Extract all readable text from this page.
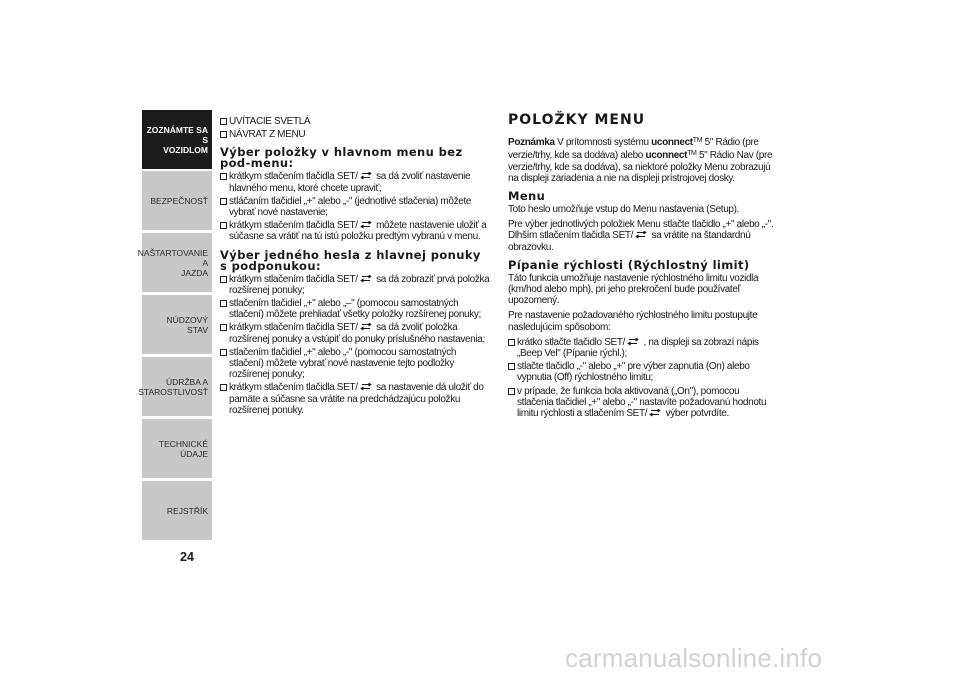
ZOZNÁMTE SA S
VOZIDLOM
BEZPEČNOSŤ
NAŠTARTOVANIE A
JAZDA
NÚDZOVÝ STAV
ÚDRŽBA A
STAROSTLIVOSŤ
TECHNICKÉ ÚDAJE
REJSTŘÍK
24
UVÍTACIE SVETLÁ
NÁVRAT Z MENU
Výber položky v hlavnom menu bez pod-menu:
krátkym stlačením tlačidla SET/
sa dá zvoliť nastavenie hlavného menu, ktoré chcete upraviť;
stláčaním tlačidiel „+" alebo „-" (jednotlivé stlačenia) môžete vybrať nové nastavenie;
krátkym stlačením tlačidla SET/
môžete nastavenie uložiť a súčasne sa vrátiť na tú istú položku predtým vybranú v menu.
Výber jedného hesla z hlavnej ponuky s podponukou:
krátkym stlačením tlačidla SET/
sa dá zobraziť prvá položka rozšírenej ponuky;
stlačením tlačidiel „+" alebo „–" (pomocou samostatných stlačení) môžete prehliadať všetky položky rozšírenej ponuky;
krátkym stlačením tlačidla SET/
sa dá zvoliť položka rozšírenej ponuky a vstúpiť do ponuky príslušného nastavenia;
stlačením tlačidiel „+" alebo „-" (pomocou samostatných stlačení) môžete vybrať nové nastavenie tejto podložky rozšírenej ponuky;
krátkym stlačením tlačidla SET/
sa nastavenie dá uložiť do pamäte a súčasne sa vrátite na predchádzajúcu položku rozšírenej ponuky.
POLOŽKY MENU
Poznámka V prítomnosti systému uconnect™ 5" Rádio (pre verzie/trhy, kde sa dodáva) alebo uconnect™ 5" Rádio Nav (pre verzie/trhy, kde sa dodáva), sa niektoré položky Menu zobrazujú na displeji zariadenia a nie na displeji prístrojovej dosky.
Menu
Toto heslo umožňuje vstup do Menu nastavenia (Setup).
Pre výber jednotlivých položiek Menu stlačte tlačidlo „+" alebo „-". Dlhším stlačením tlačidla SET/
sa vrátite na štandardnú obrazovku.
Pípanie rýchlosti (Rýchlostný limit)
Táto funkcia umožňuje nastavenie rýchlostného limitu vozidla (km/hod alebo mph), pri jeho prekročení bude používateľ upozornený.
Pre nastavenie požadovaného rýchlostného limitu postupujte nasledujúcim spôsobom:
krátko stlačte tlačidlo SET/
, na displeji sa zobrazí nápis „Beep Vel" (Pípanie rýchl.);
stlačte tlačidlo „-" alebo „+" pre výber zapnutia (On) alebo vypnutia (Off) rýchlostného limitu;
v prípade, že funkcia bola aktivovaná („On"), pomocou stlačenia tlačidiel „+" alebo „-" nastavíte požadovanú hodnotu limitu rýchlosti a stlačením SET/
výber potvrdíte.
carmanualsonline.info
